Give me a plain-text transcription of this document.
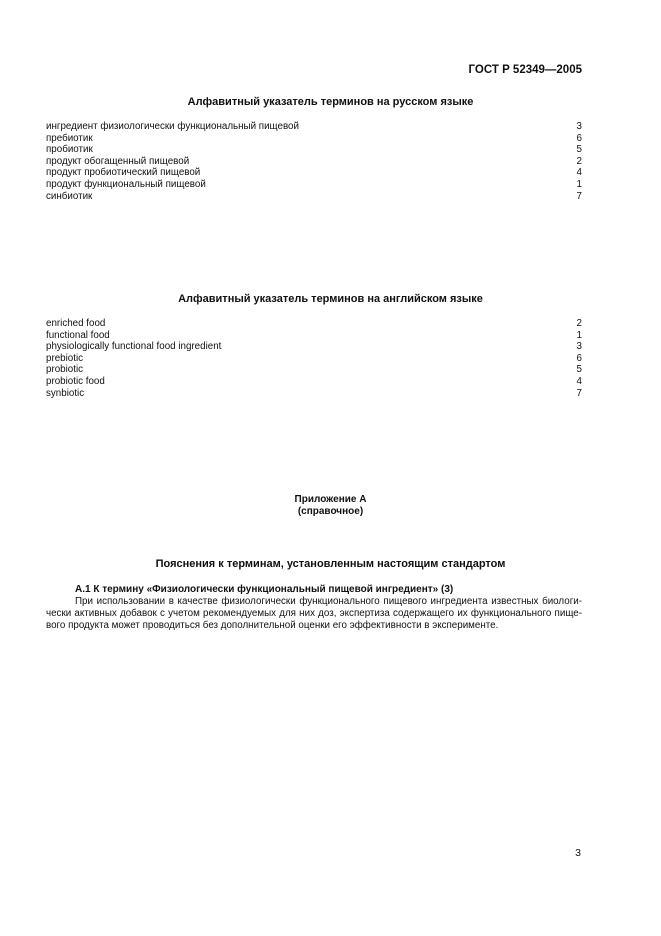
ГОСТ Р 52349—2005
Алфавитный указатель терминов на русском языке
ингредиент физиологически функциональный пищевой	3
пребиотик	6
пробиотик	5
продукт обогащенный пищевой	2
продукт пробиотический пищевой	4
продукт функциональный пищевой	1
синбиотик	7
Алфавитный указатель терминов на английском языке
enriched food	2
functional food	1
physiologically functional food ingredient	3
prebiotic	6
probiotic	5
probiotic food	4
synbiotic	7
Приложение А
(справочное)
Пояснения к терминам, установленным настоящим стандартом
А.1 К термину «Физиологически функциональный пищевой ингредиент» (3)
При использовании в качестве физиологически функционального пищевого ингредиента известных биологи-
чески активных добавок с учетом рекомендуемых для них доз, экспертиза содержащего их функционального пище-
вого продукта может проводиться без дополнительной оценки его эффективности в эксперименте.
3
